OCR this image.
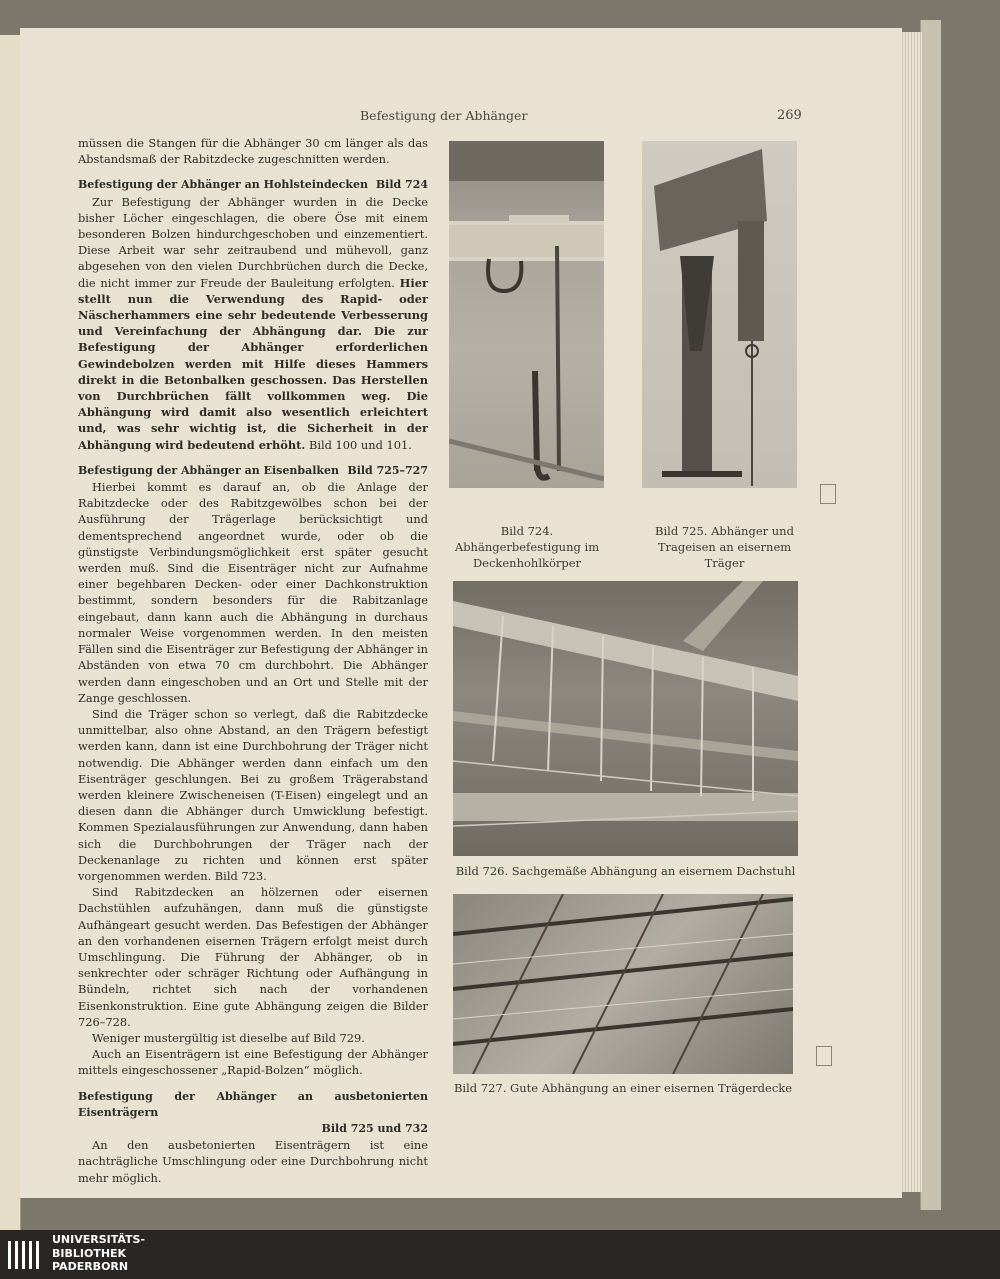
Befestigung der Abhänger	269

müssen die Stangen für die Abhänger 30 cm länger als das Abstandsmaß der Rabitzdecke zugeschnitten werden.

Befestigung der Abhänger an Hohlsteindecken Bild 724

Zur Befestigung der Abhänger wurden in die Decke bisher Löcher eingeschlagen, die obere Öse mit einem besonderen Bolzen hindurchgeschoben und einzementiert. Diese Arbeit war sehr zeitraubend und mühevoll, ganz abgesehen von den vielen Durchbrüchen durch die Decke, die nicht immer zur Freude der Bauleitung erfolgten. Hier stellt nun die Verwendung des Rapid- oder Näscherhammers eine sehr bedeutende Verbesserung und Vereinfachung der Abhängung dar. Die zur Befestigung der Abhänger erforderlichen Gewindebolzen werden mit Hilfe dieses Hammers direkt in die Betonbalken geschossen. Das Herstellen von Durchbrüchen fällt vollkommen weg. Die Abhängung wird damit also wesentlich erleichtert und, was sehr wichtig ist, die Sicherheit in der Abhängung wird bedeutend erhöht. Bild 100 und 101.

Befestigung der Abhänger an Eisenbalken Bild 725–727

Hierbei kommt es darauf an, ob die Anlage der Rabitzdecke oder des Rabitzgewölbes schon bei der Ausführung der Trägerlage berücksichtigt und dementsprechend angeordnet wurde, oder ob die günstigste Verbindungsmöglichkeit erst später gesucht werden muß. Sind die Eisenträger nicht zur Aufnahme einer begehbaren Decken- oder einer Dachkonstruktion bestimmt, sondern besonders für die Rabitzanlage eingebaut, dann kann auch die Abhängung in durchaus normaler Weise vorgenommen werden. In den meisten Fällen sind die Eisenträger zur Befestigung der Abhänger in Abständen von etwa 70 cm durchbohrt. Die Abhänger werden dann eingeschoben und an Ort und Stelle mit der Zange geschlossen.

Sind die Träger schon so verlegt, daß die Rabitzdecke unmittelbar, also ohne Abstand, an den Trägern befestigt werden kann, dann ist eine Durchbohrung der Träger nicht notwendig. Die Abhänger werden dann einfach um den Eisenträger geschlungen. Bei zu großem Trägerabstand werden kleinere Zwischeneisen (T-Eisen) eingelegt und an diesen dann die Abhänger durch Umwicklung befestigt. Kommen Spezialausführungen zur Anwendung, dann haben sich die Durchbohrungen der Träger nach der Deckenanlage zu richten und können erst später vorgenommen werden. Bild 723.

Sind Rabitzdecken an hölzernen oder eisernen Dachstühlen aufzuhängen, dann muß die günstigste Aufhängeart gesucht werden. Das Befestigen der Abhänger an den vorhandenen eisernen Trägern erfolgt meist durch Umschlingung. Die Führung der Abhänger, ob in senkrechter oder schräger Richtung oder Aufhängung in Bündeln, richtet sich nach der vorhandenen Eisenkonstruktion. Eine gute Abhängung zeigen die Bilder 726–728.

Weniger mustergültig ist dieselbe auf Bild 729.

Auch an Eisenträgern ist eine Befestigung der Abhänger mittels eingeschossener „Rapid-Bolzen“ möglich.

Befestigung der Abhänger an ausbetonierten Eisenträgern
Bild 725 und 732

An den ausbetonierten Eisenträgern ist eine nachträgliche Umschlingung oder eine Durchbohrung nicht mehr möglich.

Bild 724. Abhängerbefestigung im Deckenhohlkörper
Bild 725. Abhänger und Trageisen an eisernem Träger
Bild 726. Sachgemäße Abhängung an eisernem Dachstuhl
Bild 727. Gute Abhängung an einer eisernen Trägerdecke
UNIVERSITÄTS-
BIBLIOTHEK
PADERBORN
